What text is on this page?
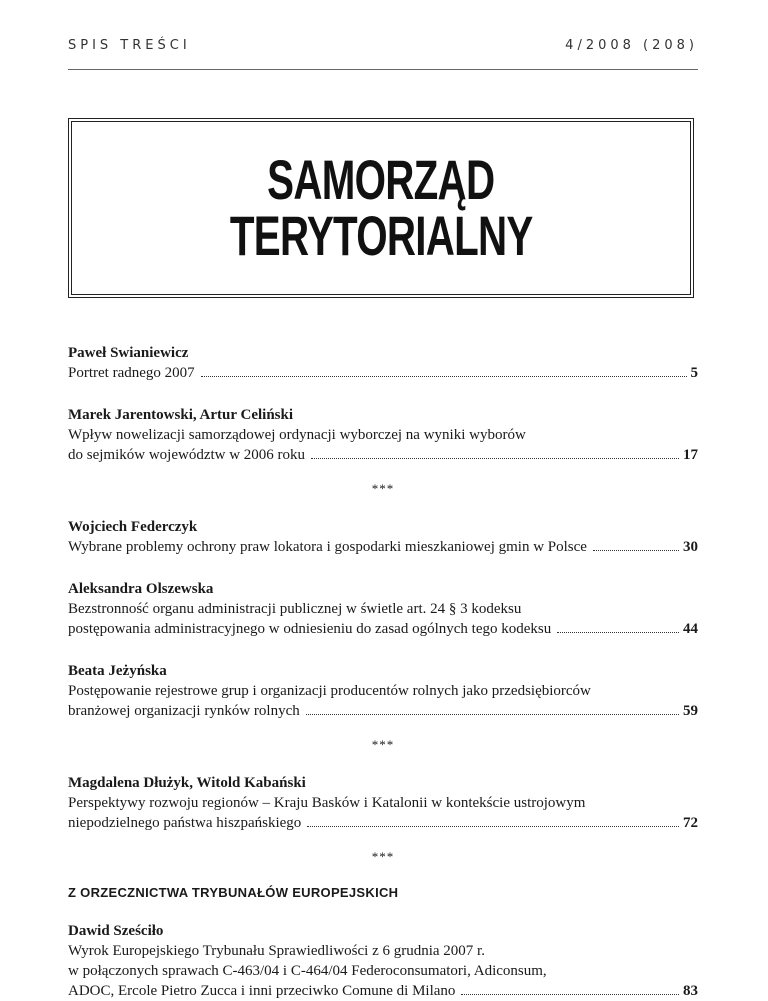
SPIS TREŚCI	4/2008 (208)
SAMORZĄD
TERYTORIALNY
Paweł Swianiewicz
Portret radnego 2007	5
Marek Jarentowski, Artur Celiński
Wpływ nowelizacji samorządowej ordynacji wyborczej na wyniki wyborów
do sejmików województw w 2006 roku	17
***
Wojciech Federczyk
Wybrane problemy ochrony praw lokatora i gospodarki mieszkaniowej gmin w Polsce	30
Aleksandra Olszewska
Bezstronność organu administracji publicznej w świetle art. 24 § 3 kodeksu
postępowania administracyjnego w odniesieniu do zasad ogólnych tego kodeksu	44
Beata Jeżyńska
Postępowanie rejestrowe grup i organizacji producentów rolnych jako przedsiębiorców
branżowej organizacji rynków rolnych	59
***
Magdalena Dłużyk, Witold Kabański
Perspektywy rozwoju regionów – Kraju Basków i Katalonii w kontekście ustrojowym
niepodzielnego państwa hiszpańskiego	72
***
Z ORZECZNICTWA TRYBUNAŁÓW EUROPEJSKICH
Dawid Sześciło
Wyrok Europejskiego Trybunału Sprawiedliwości z 6 grudnia 2007 r.
w połączonych sprawach C-463/04 i C-464/04 Federoconsumatori, Adiconsum,
ADOC, Ercole Pietro Zucca i inni przeciwko Comune di Milano	83
